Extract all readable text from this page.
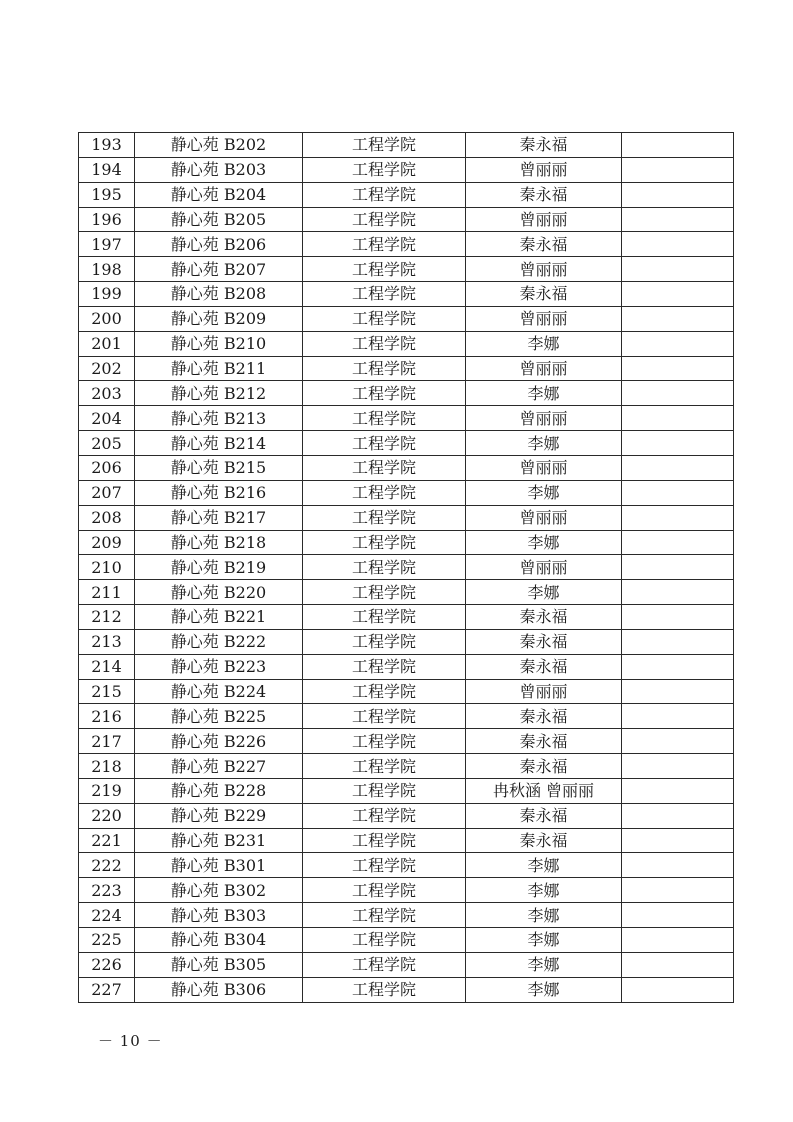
193	静心苑 B202	工程学院	秦永福	
194	静心苑 B203	工程学院	曾丽丽	
195	静心苑 B204	工程学院	秦永福	
196	静心苑 B205	工程学院	曾丽丽	
197	静心苑 B206	工程学院	秦永福	
198	静心苑 B207	工程学院	曾丽丽	
199	静心苑 B208	工程学院	秦永福	
200	静心苑 B209	工程学院	曾丽丽	
201	静心苑 B210	工程学院	李娜	
202	静心苑 B211	工程学院	曾丽丽	
203	静心苑 B212	工程学院	李娜	
204	静心苑 B213	工程学院	曾丽丽	
205	静心苑 B214	工程学院	李娜	
206	静心苑 B215	工程学院	曾丽丽	
207	静心苑 B216	工程学院	李娜	
208	静心苑 B217	工程学院	曾丽丽	
209	静心苑 B218	工程学院	李娜	
210	静心苑 B219	工程学院	曾丽丽	
211	静心苑 B220	工程学院	李娜	
212	静心苑 B221	工程学院	秦永福	
213	静心苑 B222	工程学院	秦永福	
214	静心苑 B223	工程学院	秦永福	
215	静心苑 B224	工程学院	曾丽丽	
216	静心苑 B225	工程学院	秦永福	
217	静心苑 B226	工程学院	秦永福	
218	静心苑 B227	工程学院	秦永福	
219	静心苑 B228	工程学院	冉秋涵 曾丽丽	
220	静心苑 B229	工程学院	秦永福	
221	静心苑 B231	工程学院	秦永福	
222	静心苑 B301	工程学院	李娜	
223	静心苑 B302	工程学院	李娜	
224	静心苑 B303	工程学院	李娜	
225	静心苑 B304	工程学院	李娜	
226	静心苑 B305	工程学院	李娜	
227	静心苑 B306	工程学院	李娜	
－ 10 －
